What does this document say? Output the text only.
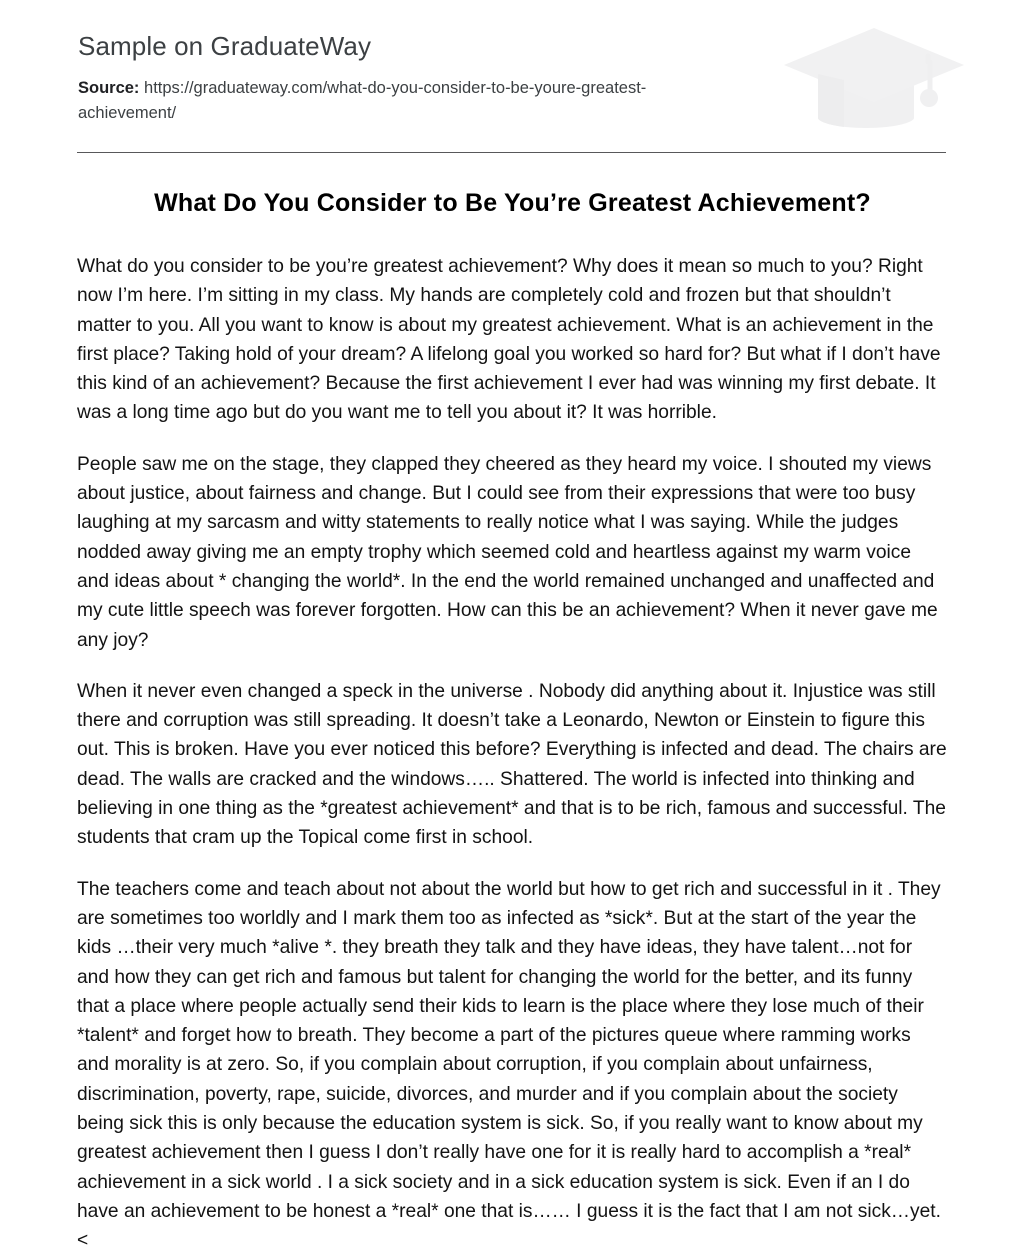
Sample on GraduateWay
Source: https://graduateway.com/what-do-you-consider-to-be-youre-greatest-achievement/
What Do You Consider to Be You’re Greatest Achievement?

What do you consider to be you’re greatest achievement? Why does it mean so much to you? Right now I’m here. I’m sitting in my class. My hands are completely cold and frozen but that shouldn’t matter to you. All you want to know is about my greatest achievement. What is an achievement in the first place? Taking hold of your dream? A lifelong goal you worked so hard for? But what if I don’t have this kind of an achievement? Because the first achievement I ever had was winning my first debate. It was a long time ago but do you want me to tell you about it? It was horrible.

People saw me on the stage, they clapped they cheered as they heard my voice. I shouted my views about justice, about fairness and change. But I could see from their expressions that were too busy laughing at my sarcasm and witty statements to really notice what I was saying. While the judges nodded away giving me an empty trophy which seemed cold and heartless against my warm voice and ideas about * changing the world*. In the end the world remained unchanged and unaffected and my cute little speech was forever forgotten. How can this be an achievement? When it never gave me any joy?

When it never even changed a speck in the universe . Nobody did anything about it. Injustice was still there and corruption was still spreading. It doesn’t take a Leonardo, Newton or Einstein to figure this out. This is broken. Have you ever noticed this before? Everything is infected and dead. The chairs are dead. The walls are cracked and the windows….. Shattered. The world is infected into thinking and believing in one thing as the *greatest achievement* and that is to be rich, famous and successful. The students that cram up the Topical come first in school.

The teachers come and teach about not about the world but how to get rich and successful in it . They are sometimes too worldly and I mark them too as infected as *sick*. But at the start of the year the kids …their very much *alive *. they breath they talk and they have ideas, they have talent…not for and how they can get rich and famous but talent for changing the world for the better, and its funny that a place where people actually send their kids to learn is the place where they lose much of their *talent* and forget how to breath. They become a part of the pictures queue where ramming works and morality is at zero. So, if you complain about corruption, if you complain about unfairness, discrimination, poverty, rape, suicide, divorces, and murder and if you complain about the society being sick this is only because the education system is sick. So, if you really want to know about my greatest achievement then I guess I don’t really have one for it is really hard to accomplish a *real* achievement in a sick world . I a sick society and in a sick education system is sick. Even if an I do have an achievement to be honest a *real* one that is…… I guess it is the fact that I am not sick…yet.<
